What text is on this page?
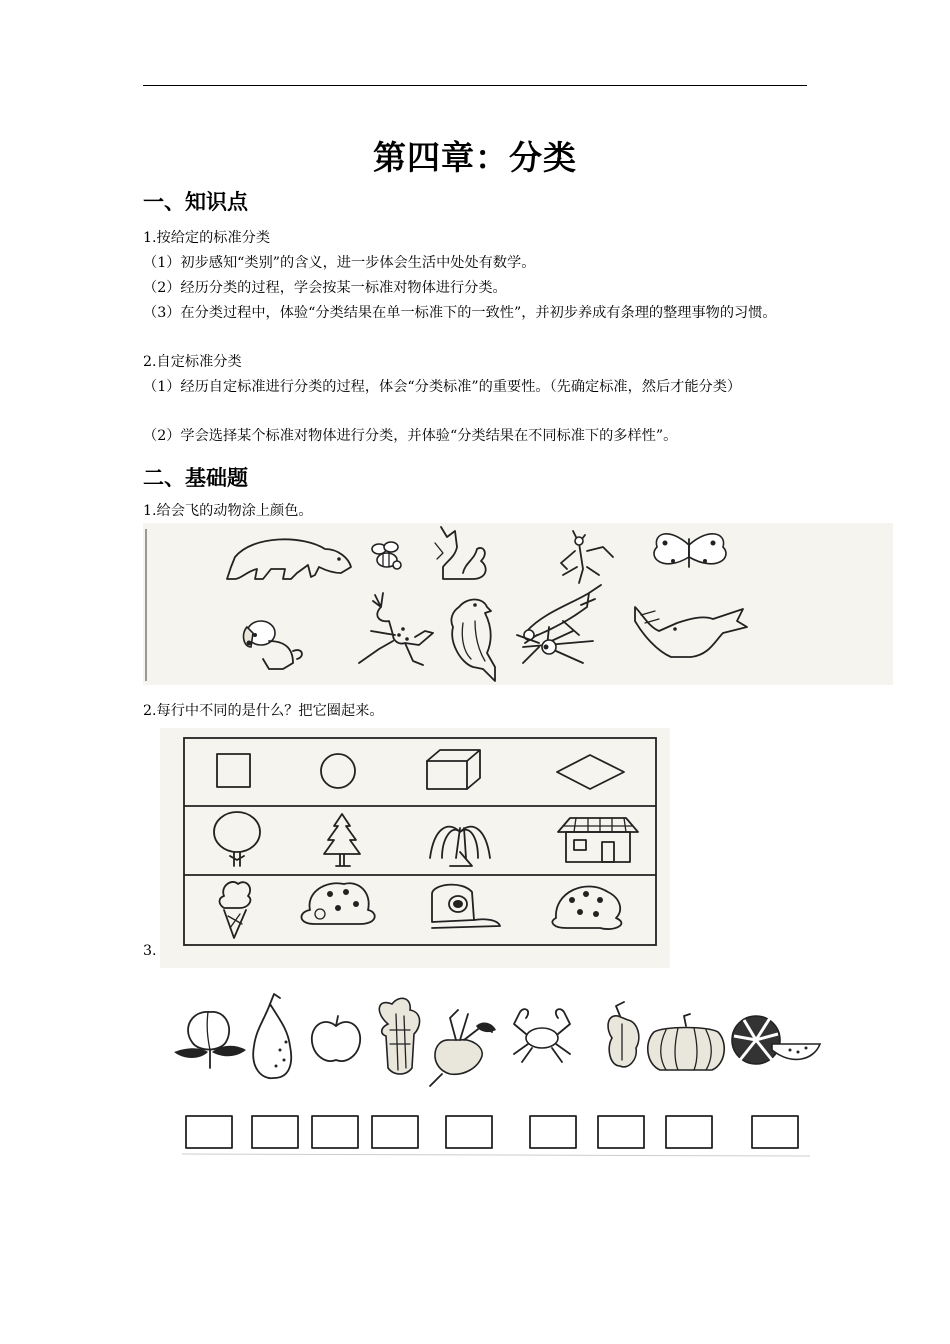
第四章：分类
一、知识点
1.按给定的标准分类
（1）初步感知“类别”的含义，进一步体会生活中处处有数学。
（2）经历分类的过程，学会按某一标准对物体进行分类。
（3）在分类过程中，体验“分类结果在单一标准下的一致性”，并初步养成有条理的整理事物的习惯。
2.自定标准分类
（1）经历自定标准进行分类的过程，体会“分类标准”的重要性。（先确定标准，然后才能分类）
（2）学会选择某个标准对物体进行分类，并体验“分类结果在不同标准下的多样性”。
二、基础题
1.给会飞的动物涂上颜色。
2.每行中不同的是什么？把它圈起来。
3.
